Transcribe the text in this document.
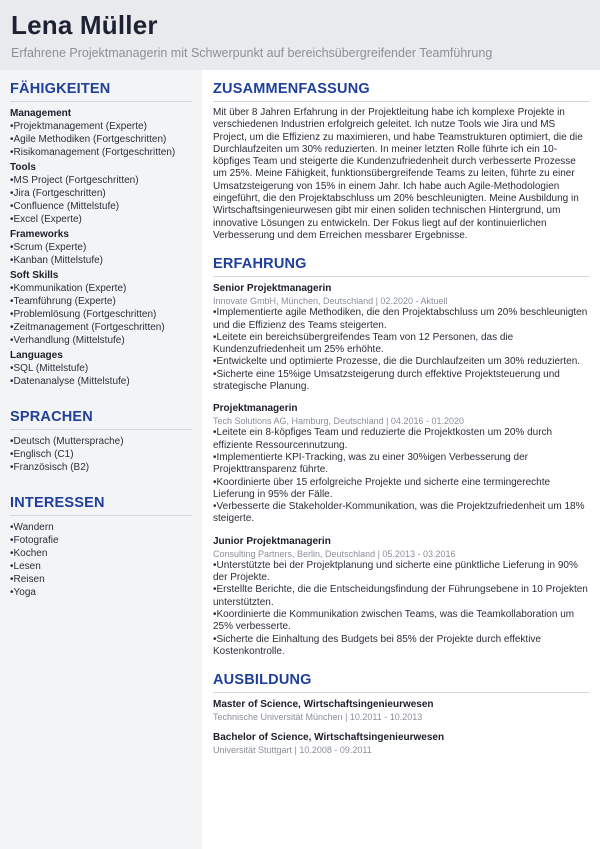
Lena Müller
Erfahrene Projektmanagerin mit Schwerpunkt auf bereichsübergreifender Teamführung
FÄHIGKEITEN
Management
• Projektmanagement (Experte)
• Agile Methodiken (Fortgeschritten)
• Risikomanagement (Fortgeschritten)
Tools
• MS Project (Fortgeschritten)
• Jira (Fortgeschritten)
• Confluence (Mittelstufe)
• Excel (Experte)
Frameworks
• Scrum (Experte)
• Kanban (Mittelstufe)
Soft Skills
• Kommunikation (Experte)
• Teamführung (Experte)
• Problemlösung (Fortgeschritten)
• Zeitmanagement (Fortgeschritten)
• Verhandlung (Mittelstufe)
Languages
• SQL (Mittelstufe)
• Datenanalyse (Mittelstufe)
SPRACHEN
• Deutsch (Muttersprache)
• Englisch (C1)
• Französisch (B2)
INTERESSEN
• Wandern
• Fotografie
• Kochen
• Lesen
• Reisen
• Yoga
ZUSAMMENFASSUNG
Mit über 8 Jahren Erfahrung in der Projektleitung habe ich komplexe Projekte in verschiedenen Industrien erfolgreich geleitet. Ich nutze Tools wie Jira und MS Project, um die Effizienz zu maximieren, und habe Teamstrukturen optimiert, die die Durchlaufzeiten um 30% reduzierten. In meiner letzten Rolle führte ich ein 10-köpfiges Team und steigerte die Kundenzufriedenheit durch verbesserte Prozesse um 25%. Meine Fähigkeit, funktionsübergreifende Teams zu leiten, führte zu einer Umsatzsteigerung von 15% in einem Jahr. Ich habe auch Agile-Methodologien eingeführt, die den Projektabschluss um 20% beschleunigten. Meine Ausbildung in Wirtschaftsingenieurwesen gibt mir einen soliden technischen Hintergrund, um innovative Lösungen zu entwickeln. Der Fokus liegt auf der kontinuierlichen Verbesserung und dem Erreichen messbarer Ergebnisse.
ERFAHRUNG
Senior Projektmanagerin
Innovate GmbH, München, Deutschland | 02.2020 - Aktuell
• Implementierte agile Methodiken, die den Projektabschluss um 20% beschleunigten und die Effizienz des Teams steigerten.
• Leitete ein bereichsübergreifendes Team von 12 Personen, das die Kundenzufriedenheit um 25% erhöhte.
• Entwickelte und optimierte Prozesse, die die Durchlaufzeiten um 30% reduzierten.
• Sicherte eine 15%ige Umsatzsteigerung durch effektive Projektsteuerung und strategische Planung.
Projektmanagerin
Tech Solutions AG, Hamburg, Deutschland | 04.2016 - 01.2020
• Leitete ein 8-köpfiges Team und reduzierte die Projektkosten um 20% durch effiziente Ressourcennutzung.
• Implementierte KPI-Tracking, was zu einer 30%igen Verbesserung der Projekttransparenz führte.
• Koordinierte über 15 erfolgreiche Projekte und sicherte eine termingerechte Lieferung in 95% der Fälle.
• Verbesserte die Stakeholder-Kommunikation, was die Projektzufriedenheit um 18% steigerte.
Junior Projektmanagerin
Consulting Partners, Berlin, Deutschland | 05.2013 - 03.2016
• Unterstützte bei der Projektplanung und sicherte eine pünktliche Lieferung in 90% der Projekte.
• Erstellte Berichte, die die Entscheidungsfindung der Führungsebene in 10 Projekten unterstützten.
• Koordinierte die Kommunikation zwischen Teams, was die Teamkollaboration um 25% verbesserte.
• Sicherte die Einhaltung des Budgets bei 85% der Projekte durch effektive Kostenkontrolle.
AUSBILDUNG
Master of Science, Wirtschaftsingenieurwesen
Technische Universität München | 10.2011 - 10.2013
Bachelor of Science, Wirtschaftsingenieurwesen
Universität Stuttgart | 10.2008 - 09.2011
